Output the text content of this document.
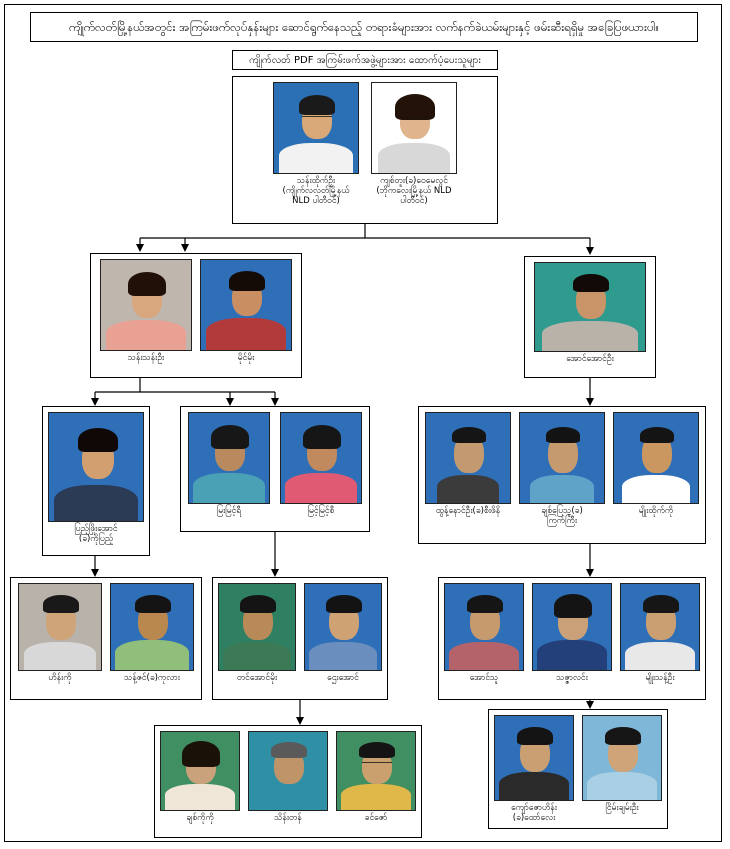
ကျိုက်လတ်မြို့နယ်အတွင်း အကြမ်းဖက်လုပ်နှန်းများ ဆောင်ရွက်နေသည့် တရားခံများအား လက်နက်ခဲယမ်းများနှင့် ဖမ်းဆီးရရှိမှု အခြေပြဖယားပါ။
ကျိုက်လတ် PDF အကြမ်းဖက်အဖွဲ့များအား ထောက်ပံ့ပေးသူများ
သန်းထိုက်ဦး
(ကျိုက်လလတ်မြို့နယ်
NLD ပါတီဝင်)
ကျစ်တူး(ခ)ဝေမေလွင်
(ဘိုကလေးမြို့နယ် NLD
ပါတီဝင်)
သန်းသန်းဦး	မိုင်မိုး	အောင်အောင်ဦး
ပြည့်ဖြိုးအောင်
(ခ)ကိုပြည့်
မြးမြင့်ရီ	မြင့်မြင့်စီ	ထွန့်နောင်ဦး(ခ)စီးဖိနိ	ချစ်ပြေသူ(ခ)
ကြက်ကြီး
မျိုးထိုက်ကို
ဟိန်းကို	သန့်ဇင်(ခ)ကုလား	တင်အောင်မိုး	ဌေးအောင်	အောင်သူ	သဇ္ဇာလင်း	မျိုးသန့်ဦး
ချစ်ကိုကို	သိန်းတန်	ခင်ဇော်
ကျော်ဇောဟိန်း
(ခ)ထော်လေး
ငြိမ်းချမ်းဦး
